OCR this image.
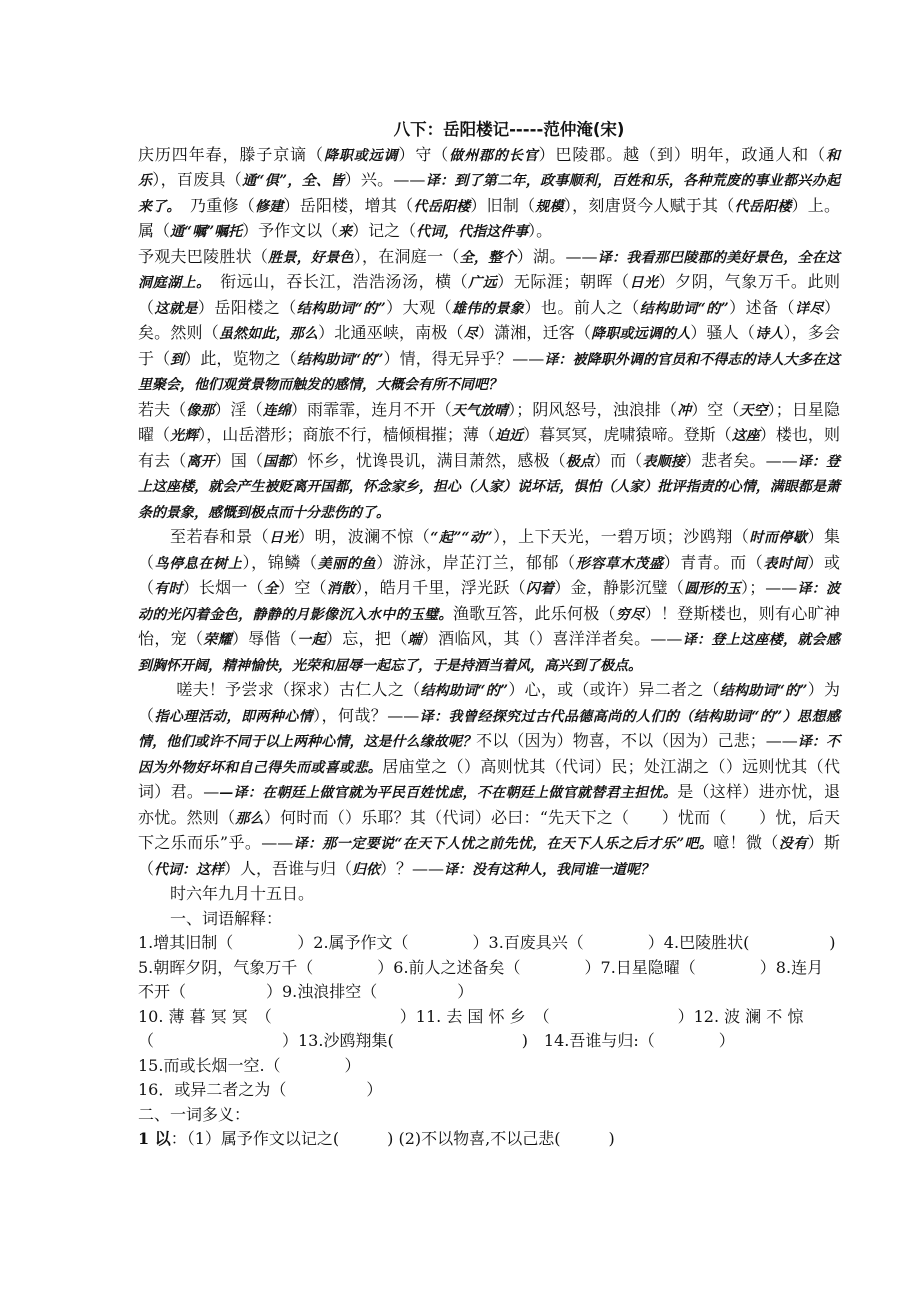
八下：岳阳楼记-----范仲淹(宋)

庆历四年春，滕子京谪（降职或远调）守（做州郡的长官）巴陵郡。越（到）明年，政通人和（和乐），百废具（通“俱”，全、皆）兴。——译：到了第二年，政事顺利，百姓和乐，各种荒废的事业都兴办起来了。　乃重修（修建）岳阳楼，增其（代岳阳楼）旧制（规模），刻唐贤今人赋于其（代岳阳楼）上。属（通“嘱”嘱托）予作文以（来）记之（代词，代指这件事）。

予观夫巴陵胜状（胜景，好景色），在洞庭一（全，整个）湖。——译：我看那巴陵郡的美好景色，全在这洞庭湖上。　衔远山，吞长江，浩浩汤汤，横（广远）无际涯；朝晖（日光）夕阴，气象万千。此则（这就是）岳阳楼之（结构助词“的”）大观（雄伟的景象）也。前人之（结构助词“的”）述备（详尽）矣。然则（虽然如此，那么）北通巫峡，南极（尽）潇湘，迁客（降职或远调的人）骚人（诗人），多会于（到）此，览物之（结构助词“的”）情，得无异乎？——译：被降职外调的官员和不得志的诗人大多在这里聚会，他们观赏景物而触发的感情，大概会有所不同吧？

若夫（像那）淫（连绵）雨霏霏，连月不开（天气放晴）；阴风怒号，浊浪排（冲）空（天空）；日星隐曜（光辉），山岳潜形；商旅不行，樯倾楫摧；薄（迫近）暮冥冥，虎啸猿啼。登斯（这座）楼也，则有去（离开）国（国都）怀乡，忧谗畏讥，满目萧然，感极（极点）而（表顺接）悲者矣。——译：登上这座楼，就会产生被贬离开国都，怀念家乡，担心（人家）说坏话，惧怕（人家）批评指责的心情，满眼都是萧条的景象，感慨到极点而十分悲伤的了。

至若春和景（日光）明，波澜不惊（“起”“动”），上下天光，一碧万顷；沙鸥翔（时而停歇）集（鸟停息在树上），锦鳞（美丽的鱼）游泳，岸芷汀兰，郁郁（形容草木茂盛）青青。而（表时间）或（有时）长烟一（全）空（消散），皓月千里，浮光跃（闪着）金，静影沉璧（圆形的玉）；——译：波动的光闪着金色，静静的月影像沉入水中的玉璧。渔歌互答，此乐何极（穷尽）！登斯楼也，则有心旷神怡，宠（荣耀）辱偕（一起）忘，把（端）酒临风，其（）喜洋洋者矣。——译：登上这座楼，就会感到胸怀开阔，精神愉快，光荣和屈辱一起忘了，于是持酒当着风，高兴到了极点。

嗟夫！予尝求（探求）古仁人之（结构助词“的”）心，或（或许）异二者之（结构助词“的”）为（指心理活动，即两种心情），何哉？——译：我曾经探究过古代品德高尚的人们的（结构助词“的”）思想感情，他们或许不同于以上两种心情，这是什么缘故呢？不以（因为）物喜，不以（因为）己悲；——译：不因为外物好坏和自己得失而或喜或悲。居庙堂之（）高则忧其（代词）民；处江湖之（）远则忧其（代词）君。——译：在朝廷上做官就为平民百姓忧虑，不在朝廷上做官就替君主担忧。是（这样）进亦忧，退亦忧。然则（那么）何时而（）乐耶？其（代词）必曰：“先天下之（　　）忧而（　　）忧，后天下之乐而乐”乎。——译：那一定要说“在天下人忧之前先忧，在天下人乐之后才乐”吧。噫！微（没有）斯（代词：这样）人，吾谁与归（归依）？——译：没有这种人，我同谁一道呢？

时六年九月十五日。

一、词语解释：

1.增其旧制（　　　　）2.属予作文（　　　　）3.百废具兴（　　　　）4.巴陵胜状(　　　　　)

5.朝晖夕阴，气象万千（　　　　）6.前人之述备矣（　　　　）7.日星隐曜（　　　　）8.连月

不开（　　　　　）9.浊浪排空（　　　　　）

10. 薄 暮 冥 冥　（　　　　　　　　）11. 去 国 怀 乡　（　　　　　　　　）12. 波 澜 不 惊

（　　　　　　　　）13.沙鸥翔集(　　　　　　　　)　14.吾谁与归:（　　　　）

15.而或长烟一空.（　　　　）

16．或异二者之为（　　　　　）

二、一词多义：

1 以：（1）属予作文以记之(　　　) (2)不以物喜,不以己悲(　　　)
